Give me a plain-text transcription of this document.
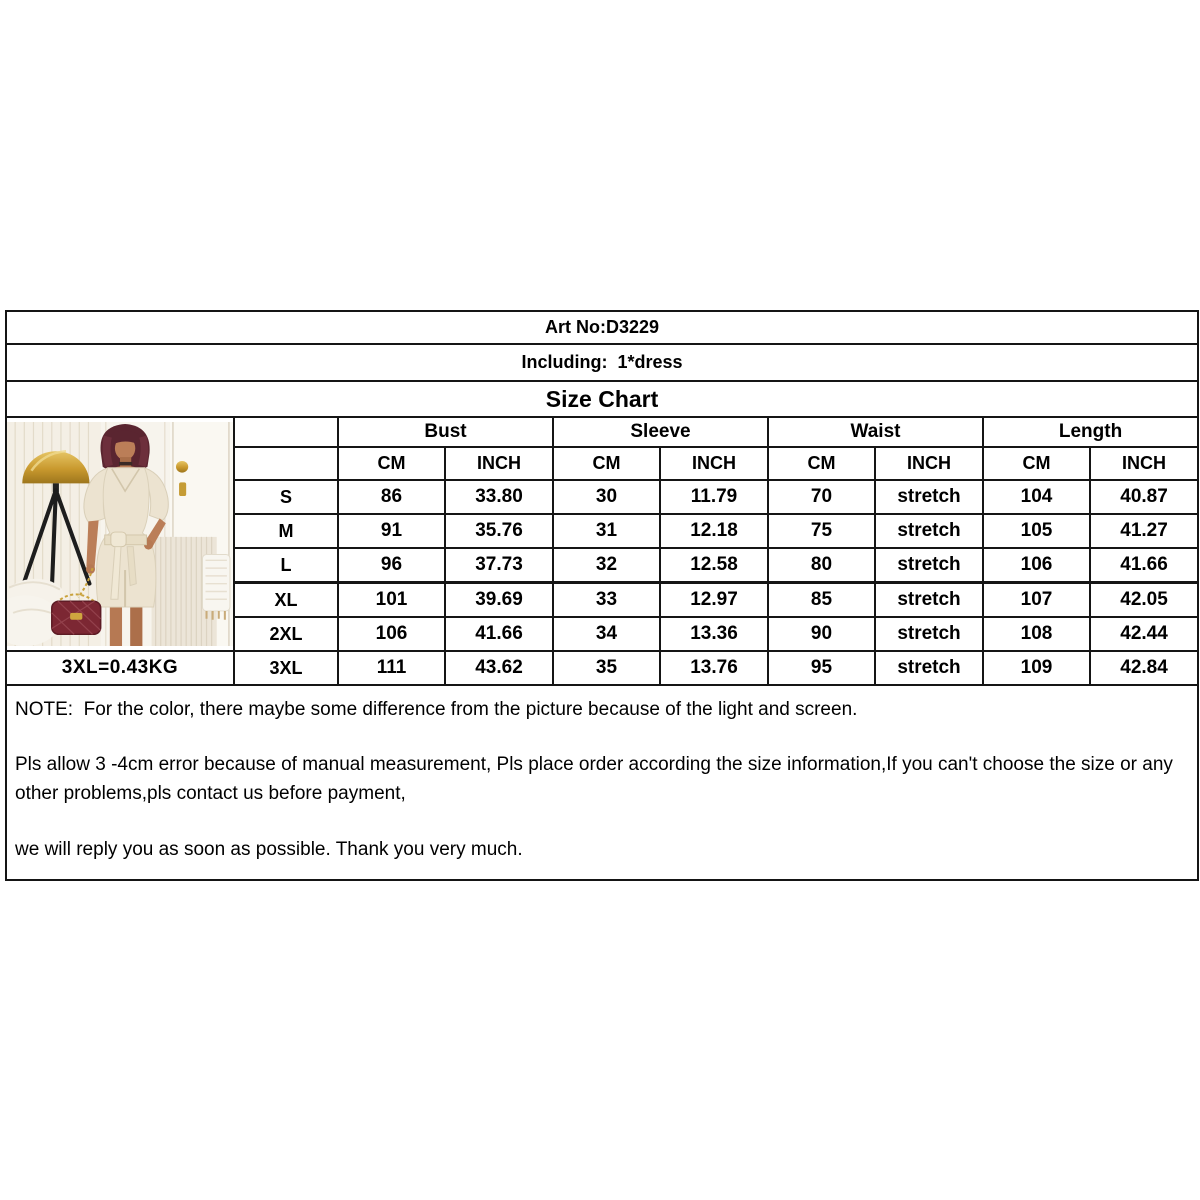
Art No:D3229									
Including:  1*dress									
Size Chart									

		Bust		Sleeve		Waist		Length	
		CM	INCH	CM	INCH	CM	INCH	CM	INCH
	S	86	33.80	30	11.79	70	stretch	104	40.87
	M	91	35.76	31	12.18	75	stretch	105	41.27
	L	96	37.73	32	12.58	80	stretch	106	41.66
	XL	101	39.69	33	12.97	85	stretch	107	42.05
	2XL	106	41.66	34	13.36	90	stretch	108	42.44
3XL=0.43KG	3XL	111	43.62	35	13.76	95	stretch	109	42.84

NOTE:  For the color, there maybe some difference from the picture because of the light and screen.

Pls allow 3 -4cm error because of manual measurement, Pls place order according the size information,If you can't choose the size or any other problems,pls contact us before payment,

we will reply you as soon as possible. Thank you very much.									
